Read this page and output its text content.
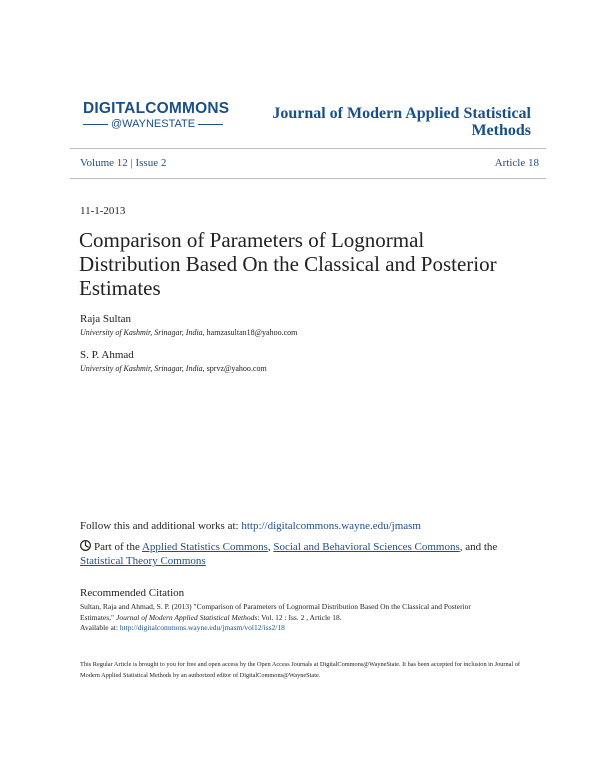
DIGITALCOMMONS
@WAYNESTATE
Journal of Modern Applied Statistical Methods
Volume 12 | Issue 2	Article 18
11-1-2013
Comparison of Parameters of Lognormal Distribution Based On the Classical and Posterior Estimates
Raja Sultan
University of Kashmir, Srinagar, India, hamzasultan18@yahoo.com
S. P. Ahmad
University of Kashmir, Srinagar, India, sprvz@yahoo.com
Follow this and additional works at: http://digitalcommons.wayne.edu/jmasm
Part of the Applied Statistics Commons, Social and Behavioral Sciences Commons, and the Statistical Theory Commons
Recommended Citation
Sultan, Raja and Ahmad, S. P. (2013) "Comparison of Parameters of Lognormal Distribution Based On the Classical and Posterior
Estimates," Journal of Modern Applied Statistical Methods: Vol. 12 : Iss. 2 , Article 18.
Available at: http://digitalcommons.wayne.edu/jmasm/vol12/iss2/18
This Regular Article is brought to you for free and open access by the Open Access Journals at DigitalCommons@WayneState. It has been accepted for inclusion in Journal of Modern Applied Statistical Methods by an authorized editor of DigitalCommons@WayneState.
